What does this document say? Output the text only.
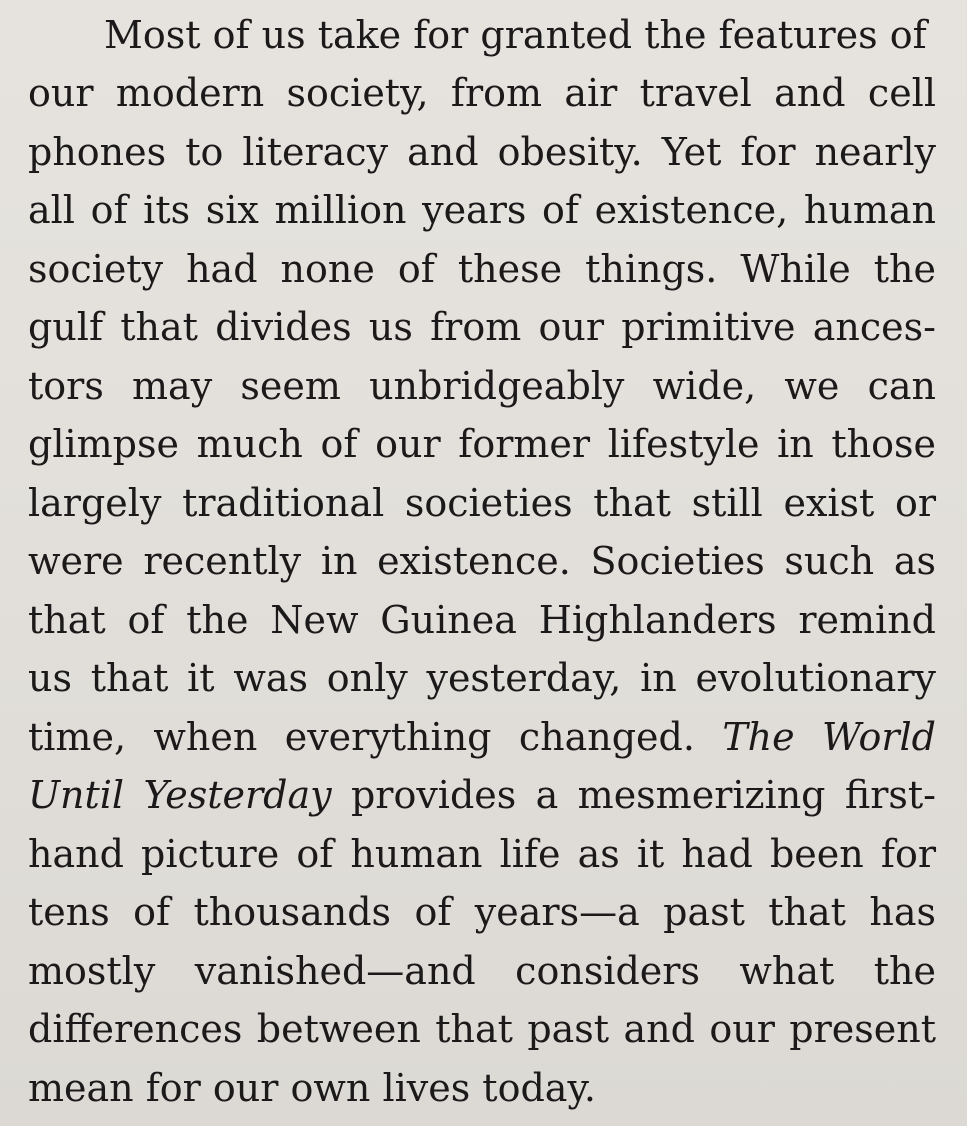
Most of us take for granted the features of
our modern society, from air travel and cell
phones to literacy and obesity. Yet for nearly
all of its six million years of existence, human
society had none of these things. While the
gulf that divides us from our primitive ances-
tors may seem unbridgeably wide, we can
glimpse much of our former lifestyle in those
largely traditional societies that still exist or
were recently in existence. Societies such as
that of the New Guinea Highlanders remind
us that it was only yesterday, in evolutionary
time, when everything changed. The World
Until Yesterday provides a mesmerizing first-
hand picture of human life as it had been for
tens of thousands of years—a past that has
mostly vanished—and considers what the
differences between that past and our present
mean for our own lives today.
